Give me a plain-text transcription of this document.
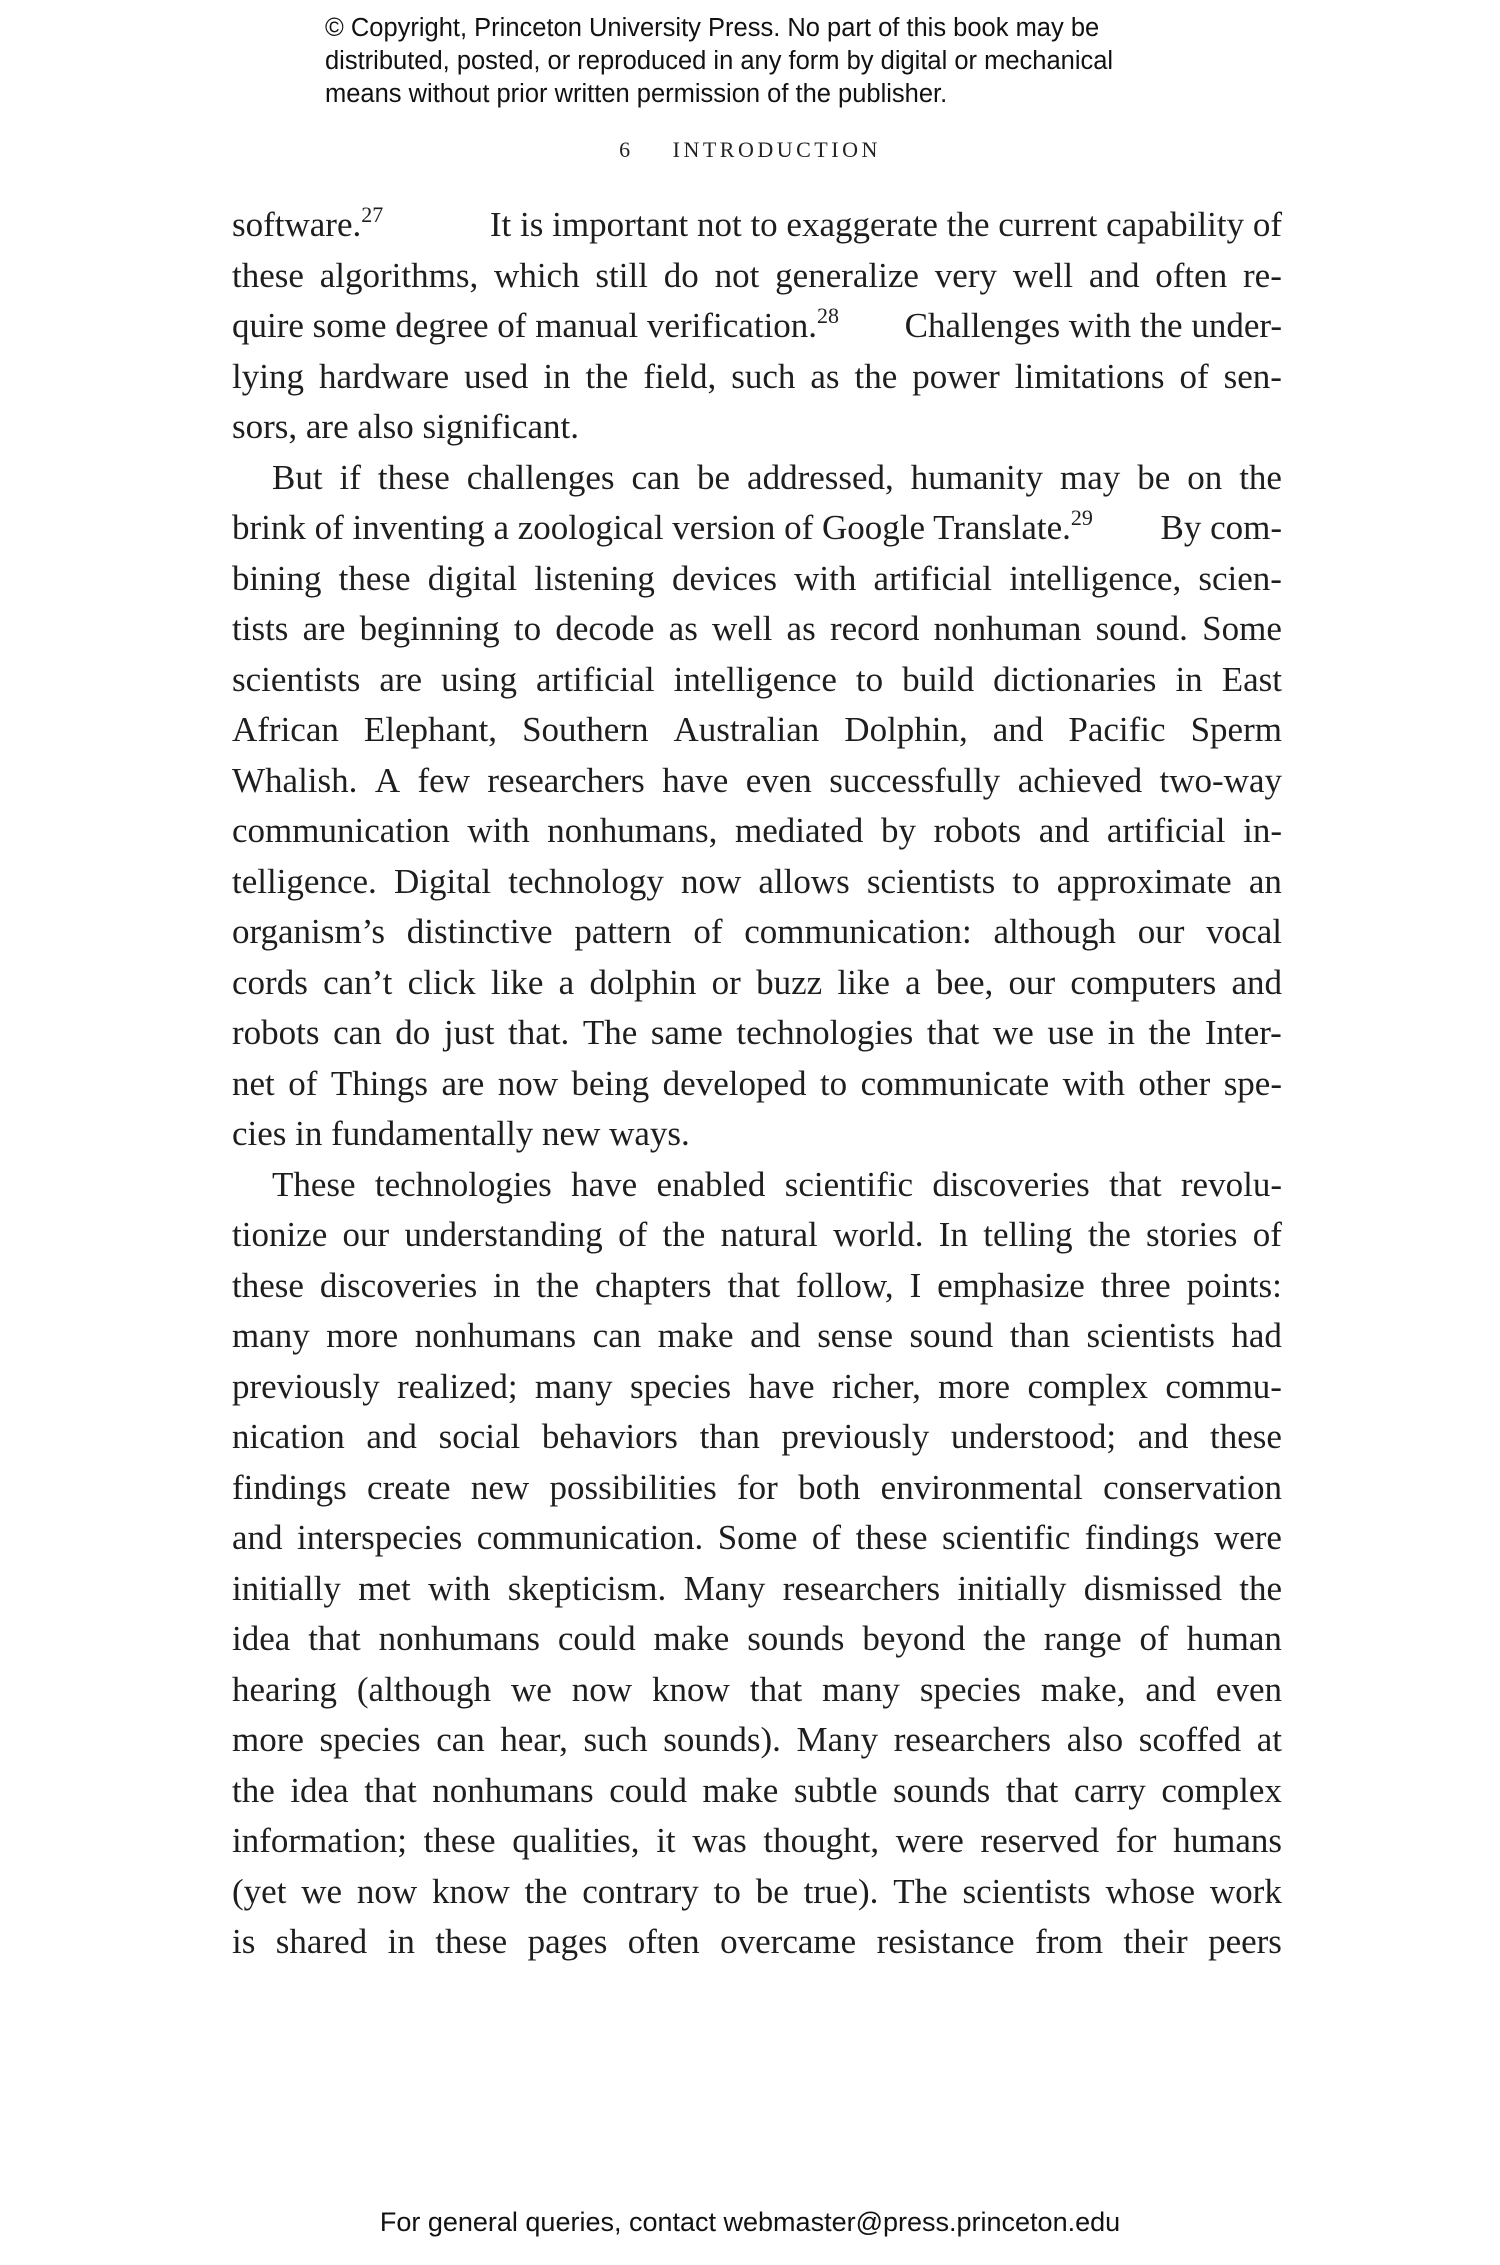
© Copyright, Princeton University Press. No part of this book may be
distributed, posted, or reproduced in any form by digital or mechanical
means without prior written permission of the publisher.
6 INTRODUCTION
software.$^{27}$	It is important not to exaggerate the current capability of
these algorithms, which still do not generalize very well and often re-
quire some degree of manual verification.$^{28}$ Challenges with the under-
lying hardware used in the field, such as the power limitations of sen-
sors, are also significant.
But if these challenges can be addressed, humanity may be on the
brink of inventing a zoological version of Google Translate.$^{29}$ By com-
bining these digital listening devices with artificial intelligence, scien-
tists are beginning to decode as well as record nonhuman sound. Some
scientists are using artificial intelligence to build dictionaries in East
African Elephant, Southern Australian Dolphin, and Pacific Sperm
Whalish. A few researchers have even successfully achieved two-way
communication with nonhumans, mediated by robots and artificial in-
telligence. Digital technology now allows scientists to approximate an
organism’s distinctive pattern of communication: although our vocal
cords can’t click like a dolphin or buzz like a bee, our computers and
robots can do just that. The same technologies that we use in the Inter-
net of Things are now being developed to communicate with other spe-
cies in fundamentally new ways.
These technologies have enabled scientific discoveries that revolu-
tionize our understanding of the natural world. In telling the stories of
these discoveries in the chapters that follow, I emphasize three points:
many more nonhumans can make and sense sound than scientists had
previously realized; many species have richer, more complex commu-
nication and social behaviors than previously understood; and these
findings create new possibilities for both environmental conservation
and interspecies communication. Some of these scientific findings were
initially met with skepticism. Many researchers initially dismissed the
idea that nonhumans could make sounds beyond the range of human
hearing (although we now know that many species make, and even
more species can hear, such sounds). Many researchers also scoffed at
the idea that nonhumans could make subtle sounds that carry complex
information; these qualities, it was thought, were reserved for humans
(yet we now know the contrary to be true). The scientists whose work
is shared in these pages often overcame resistance from their peers
For general queries, contact webmaster@press.princeton.edu
